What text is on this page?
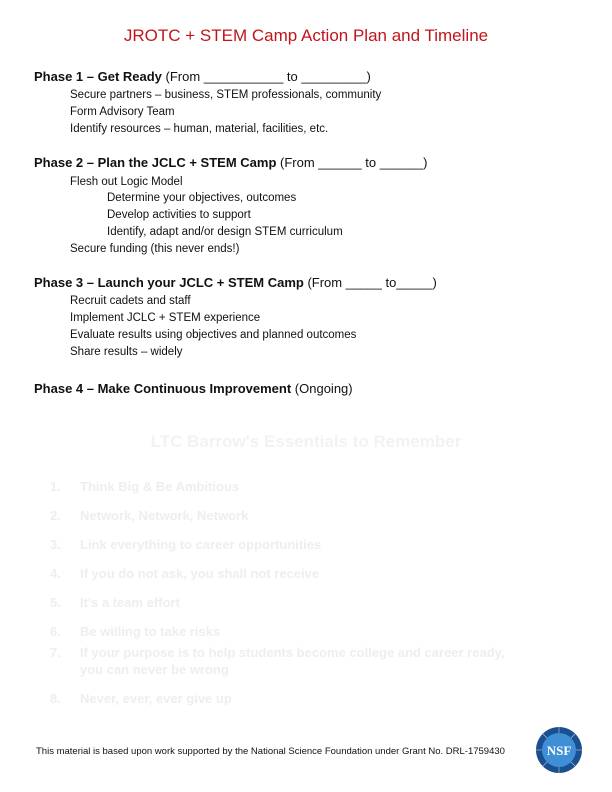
JROTC + STEM Camp Action Plan and Timeline
Phase 1 – Get Ready (From ___________ to _________)
Secure partners – business, STEM professionals, community
Form Advisory Team
Identify resources – human, material, facilities, etc.
Phase 2 – Plan the JCLC + STEM Camp (From ______ to ______)
Flesh out Logic Model
Determine your objectives, outcomes
Develop activities to support
Identify, adapt and/or design STEM curriculum
Secure funding (this never ends!)
Phase 3 – Launch your JCLC + STEM Camp (From _____ to_____)
Recruit cadets and staff
Implement JCLC + STEM experience
Evaluate results using objectives and planned outcomes
Share results – widely
Phase 4 – Make Continuous Improvement (Ongoing)
LTC Barrow's Essentials to Remember
1. Think Big & Be Ambitious
2. Network, Network, Network
3. Link everything to career opportunities
4. If you do not ask, you shall not receive
5. It's a team effort
6. Be willing to take risks
7. If your purpose is to help students become college and career ready,
you can never be wrong
8. Never, ever, ever give up
This material is based upon work supported by the National Science Foundation under Grant No. DRL-1759430	NSF
